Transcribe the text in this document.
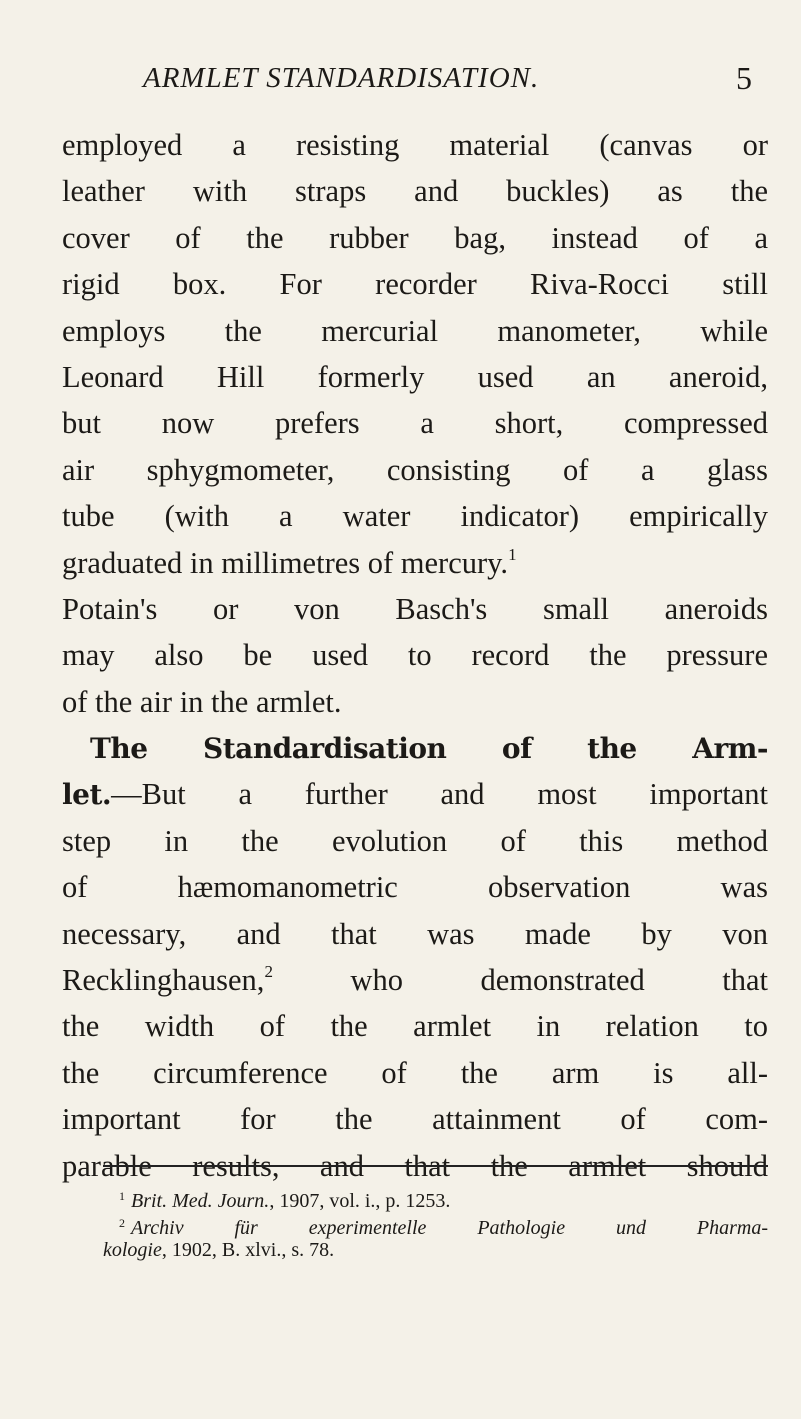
ARMLET STANDARDISATION.	5
employed a resisting material (canvas or
leather with straps and buckles) as the
cover of the rubber bag, instead of a
rigid box. For recorder Riva-Rocci still
employs the mercurial manometer, while
Leonard Hill formerly used an aneroid,
but now prefers a short, compressed
air sphygmometer, consisting of a glass
tube (with a water indicator) empirically
graduated in millimetres of mercury.$^1$
Potain's or von Basch's small aneroids
may also be used to record the pressure
of the air in the armlet.
The Standardisation of the Arm-
let.—But a further and most important
step in the evolution of this method
of hæmomanometric observation was
necessary, and that was made by von
Recklinghausen,$^2$ who demonstrated that
the width of the armlet in relation to
the circumference of the arm is all-
important for the attainment of com-
parable results, and that the armlet should
$^1$ Brit. Med. Journ., 1907, vol. i., p. 1253.
$^2$ Archiv für experimentelle Pathologie und Pharma-
kologie, 1902, B. xlvi., s. 78.
